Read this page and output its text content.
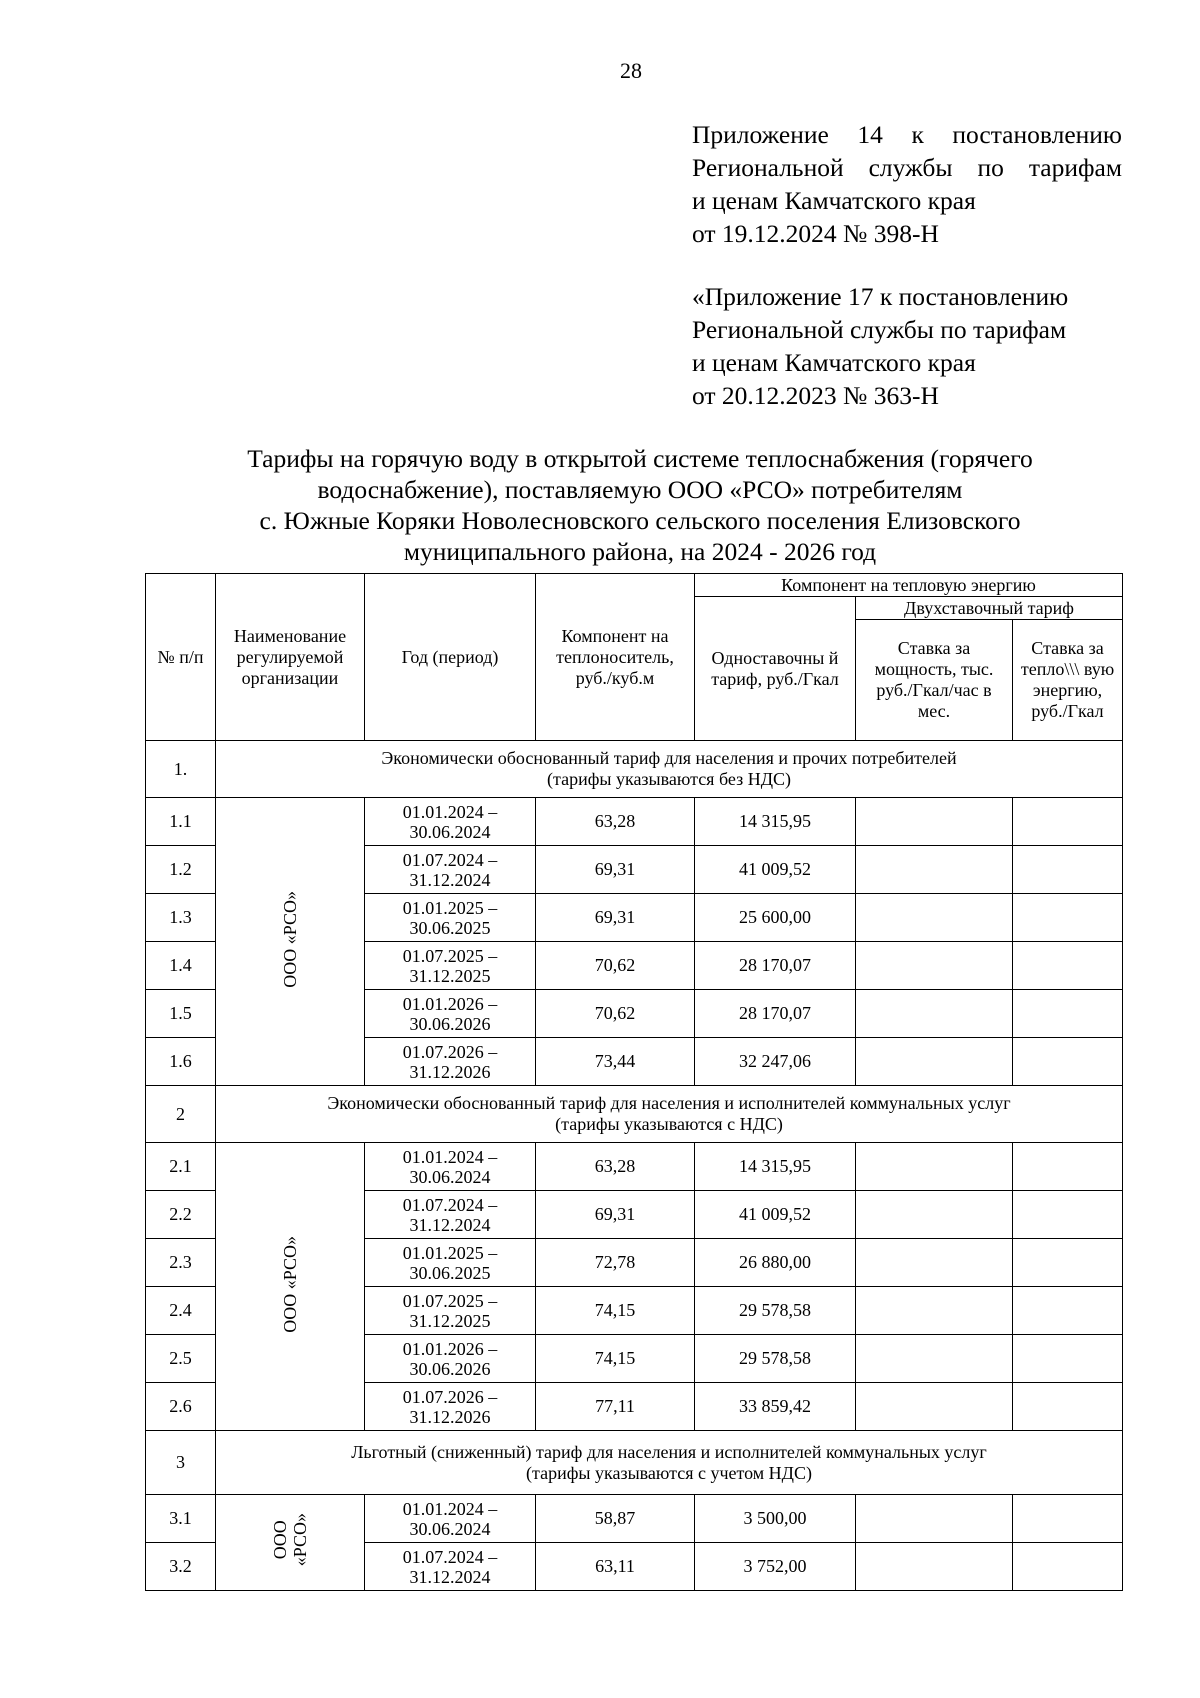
28
Приложение 14 к постановлению
Региональной службы по тарифам
и ценам Камчатского края
от 19.12.2024 № 398-Н
«Приложение 17 к постановлению
Региональной службы по тарифам
и ценам Камчатского края
от 20.12.2023 № 363-Н
Тарифы на горячую воду в открытой системе теплоснабжения (горячего
водоснабжение), поставляемую ООО «РСО» потребителям
с. Южные Коряки Новолесновского сельского поселения Елизовского
муниципального района, на 2024 - 2026 год
№ п/п	Наименование регулируемой организации	Год (период)	Компонент на теплоноситель, руб./куб.м	Компонент на тепловую энергию		
				Одноставочны й тариф, руб./Гкал	Двухставочный тариф	
					Ставка за мощность, тыс. руб./Гкал/час в мес.	Ставка за тепло\\\ вую энергию, руб./Гкал
1.	Экономически обоснованный тариф для населения и прочих потребителей
(тарифы указываются без НДС)					
1.1	ООО «РСО»	01.01.2024 –
30.06.2024	63,28	14 315,95		
1.2		01.07.2024 –
31.12.2024	69,31	41 009,52		
1.3		01.01.2025 –
30.06.2025	69,31	25 600,00		
1.4		01.07.2025 –
31.12.2025	70,62	28 170,07		
1.5		01.01.2026 –
30.06.2026	70,62	28 170,07		
1.6		01.07.2026 –
31.12.2026	73,44	32 247,06		
2	Экономически обоснованный тариф для населения и исполнителей коммунальных услуг
(тарифы указываются с НДС)					
2.1	ООО «РСО»	01.01.2024 –
30.06.2024	63,28	14 315,95		
2.2		01.07.2024 –
31.12.2024	69,31	41 009,52		
2.3		01.01.2025 –
30.06.2025	72,78	26 880,00		
2.4		01.07.2025 –
31.12.2025	74,15	29 578,58		
2.5		01.01.2026 –
30.06.2026	74,15	29 578,58		
2.6		01.07.2026 –
31.12.2026	77,11	33 859,42		
3	Льготный (сниженный) тариф для населения и исполнителей коммунальных услуг
(тарифы указываются с учетом НДС)					
3.1	ООО
«РСО»	01.01.2024 –
30.06.2024	58,87	3 500,00		
3.2		01.07.2024 –
31.12.2024	63,11	3 752,00		
